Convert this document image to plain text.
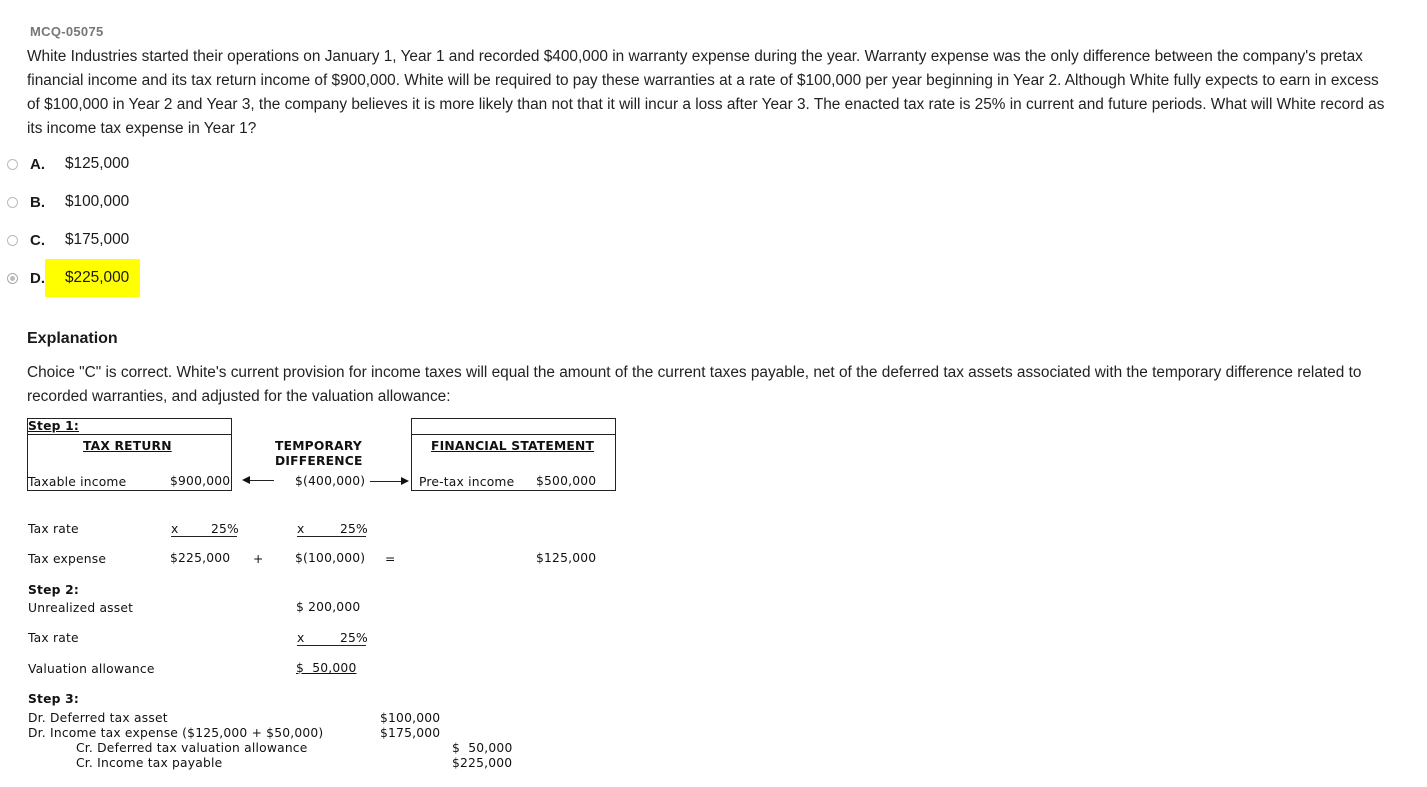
MCQ-05075

White Industries started their operations on January 1, Year 1 and recorded $400,000 in warranty expense during the year. Warranty expense was the only difference between the company's pretax financial income and its tax return income of $900,000. White will be required to pay these warranties at a rate of $100,000 per year beginning in Year 2. Although White fully expects to earn in excess of $100,000 in Year 2 and Year 3, the company believes it is more likely than not that it will incur a loss after Year 3. The enacted tax rate is 25% in current and future periods. What will White record as its income tax expense in Year 1?

A. $125,000
B. $100,000
C. $175,000
D. $225,000
Explanation

Choice "C" is correct. White's current provision for income taxes will equal the amount of the current taxes payable, net of the deferred tax assets associated with the temporary difference related to recorded warranties, and adjusted for the valuation allowance:

Step 1:
TAX RETURN	TEMPORARY
DIFFERENCE
FINANCIAL STATEMENT
Taxable income	$900,000	$(400,000)	Pre-tax income $500,000
Tax rate	x	25%	x	25%
Tax expense	$225,000 +	$(100,000) =	$125,000
Step 2:
Unrealized asset	$ 200,000
Tax rate	x	25%
Valuation allowance	$  50,000
Step 3:
Dr. Deferred tax asset	$100,000
Dr. Income tax expense ($125,000 + $50,000)	$175,000
Cr. Deferred tax valuation allowance	$  50,000
Cr. Income tax payable	$225,000
